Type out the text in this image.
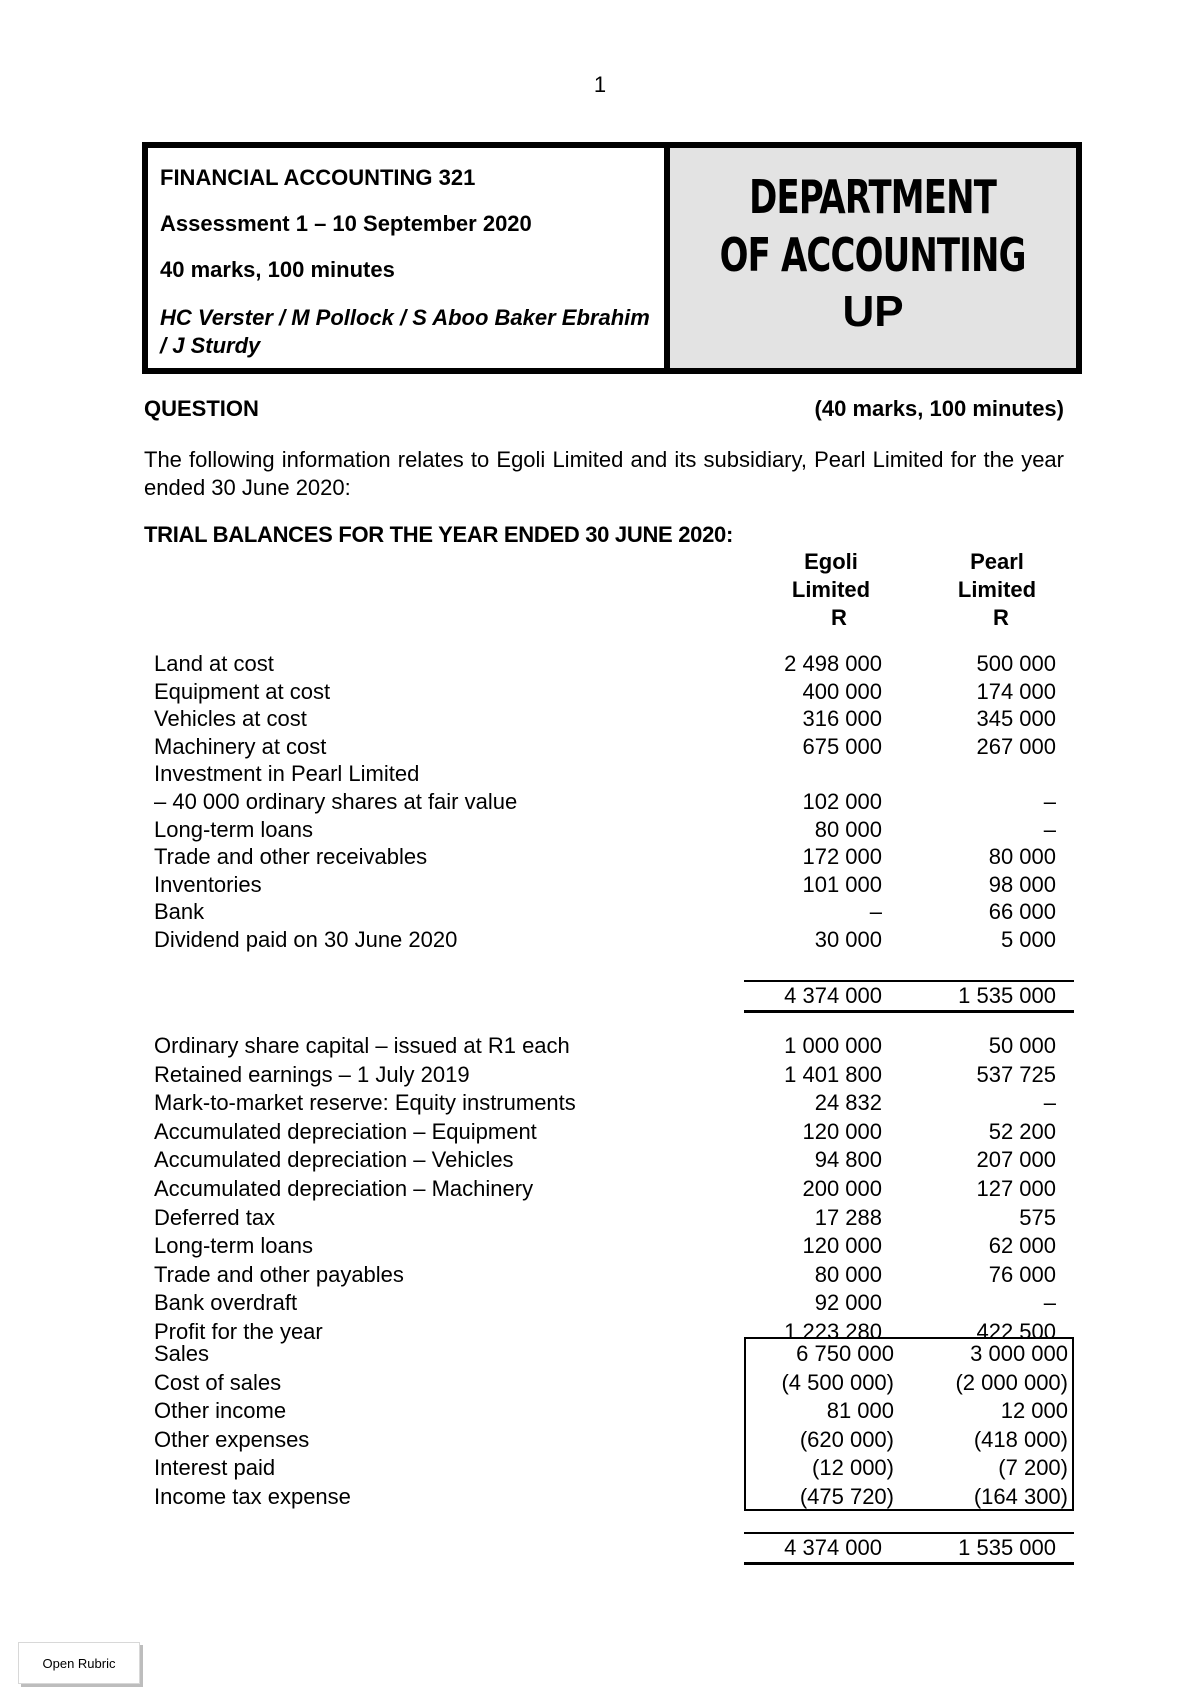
1
FINANCIAL ACCOUNTING 321
Assessment 1 – 10 September 2020
40 marks, 100 minutes
HC Verster / M Pollock / S Aboo Baker Ebrahim / J Sturdy
DEPARTMENT
OF ACCOUNTING
UP
QUESTION	(40 marks, 100 minutes)
The following information relates to Egoli Limited and its subsidiary, Pearl Limited for the year ended 30 June 2020:
TRIAL BALANCES FOR THE YEAR ENDED 30 JUNE 2020:
Egoli
Limited
R
Pearl
Limited
R
Land at cost	2 498 000	500 000
Equipment at cost	400 000	174 000
Vehicles at cost	316 000	345 000
Machinery at cost	675 000	267 000
Investment in Pearl Limited
– 40 000 ordinary shares at fair value	102 000	–
Long-term loans	80 000	–
Trade and other receivables	172 000	80 000
Inventories	101 000	98 000
Bank	–	66 000
Dividend paid on 30 June 2020	30 000	5 000
4 374 000	1 535 000
Ordinary share capital – issued at R1 each	1 000 000	50 000
Retained earnings – 1 July 2019	1 401 800	537 725
Mark-to-market reserve: Equity instruments	24 832	–
Accumulated depreciation – Equipment	120 000	52 200
Accumulated depreciation – Vehicles	94 800	207 000
Accumulated depreciation – Machinery	200 000	127 000
Deferred tax	17 288	575
Long-term loans	120 000	62 000
Trade and other payables	80 000	76 000
Bank overdraft	92 000	–
Profit for the year	1 223 280	422 500
Sales	6 750 000	3 000 000
Cost of sales	(4 500 000)	(2 000 000)
Other income	81 000	12 000
Other expenses	(620 000)	(418 000)
Interest paid	(12 000)	(7 200)
Income tax expense	(475 720)	(164 300)
4 374 000	1 535 000
Open Rubric
